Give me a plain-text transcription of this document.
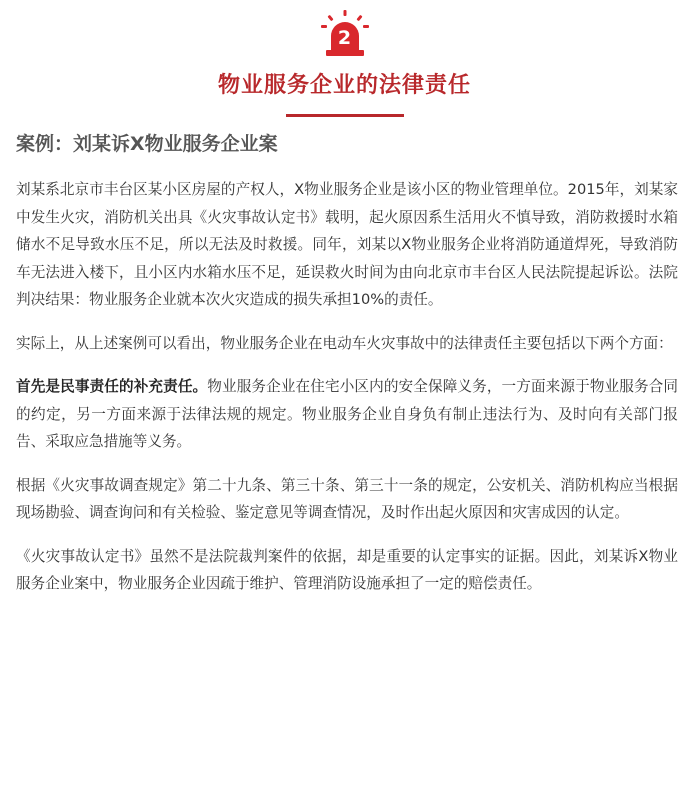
2
物业服务企业的法律责任
案例：刘某诉X物业服务企业案

刘某系北京市丰台区某小区房屋的产权人，X物业服务企业是该小区的物业管理单位。2015年，刘某家中发生火灾，消防机关出具《火灾事故认定书》载明，起火原因系生活用火不慎导致，消防救援时水箱储水不足导致水压不足，所以无法及时救援。同年，刘某以X物业服务企业将消防通道焊死，导致消防车无法进入楼下，且小区内水箱水压不足，延误救火时间为由向北京市丰台区人民法院提起诉讼。法院判决结果：物业服务企业就本次火灾造成的损失承担10%的责任。

实际上，从上述案例可以看出，物业服务企业在电动车火灾事故中的法律责任主要包括以下两个方面：

首先是民事责任的补充责任。物业服务企业在住宅小区内的安全保障义务，一方面来源于物业服务合同的约定，另一方面来源于法律法规的规定。物业服务企业自身负有制止违法行为、及时向有关部门报告、采取应急措施等义务。

根据《火灾事故调查规定》第二十九条、第三十条、第三十一条的规定，公安机关、消防机构应当根据现场勘验、调查询问和有关检验、鉴定意见等调查情况，及时作出起火原因和灾害成因的认定。

《火灾事故认定书》虽然不是法院裁判案件的依据，却是重要的认定事实的证据。因此，刘某诉X物业服务企业案中，物业服务企业因疏于维护、管理消防设施承担了一定的赔偿责任。
